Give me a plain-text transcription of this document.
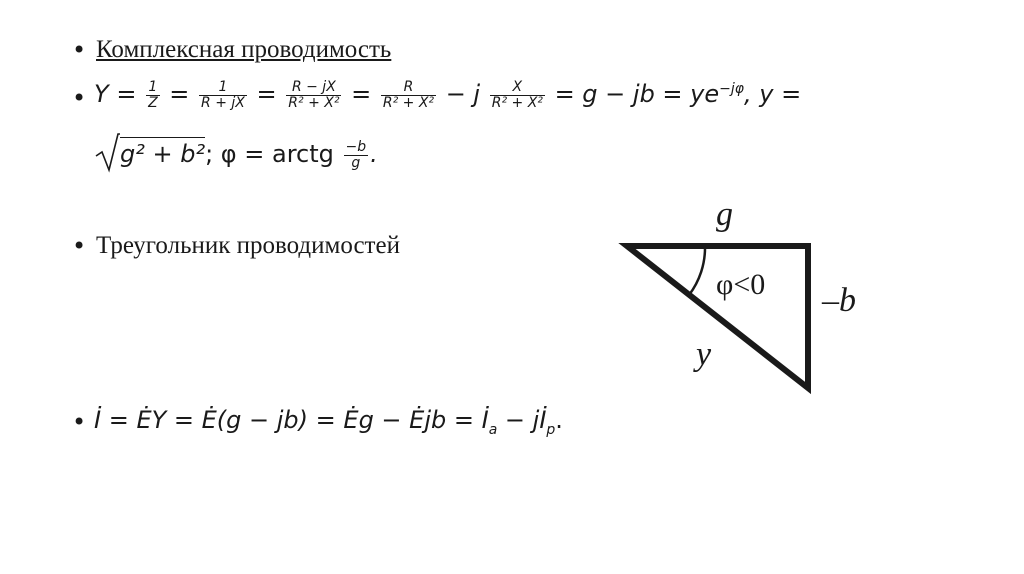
• Комплексная проводимость
• $Y = \frac{1}{Z} = \frac{1}{R + jX} = \frac{R - jX}{\text{R² + X²}} = \frac{R}{\text{R² + X²}} - j \frac{X}{\text{R² + X²}} = g$ − jb = $ye^{-j\varphi}$, y =
g² + b²; φ = arctg $\frac{-b}{g}$ .
• Треугольник проводимостей
g
–b
y
φ<0
• İ = ĖY = Ė(g − jb) = Ėg − Ėjb = $İ_a$ − $jİ_p$.
